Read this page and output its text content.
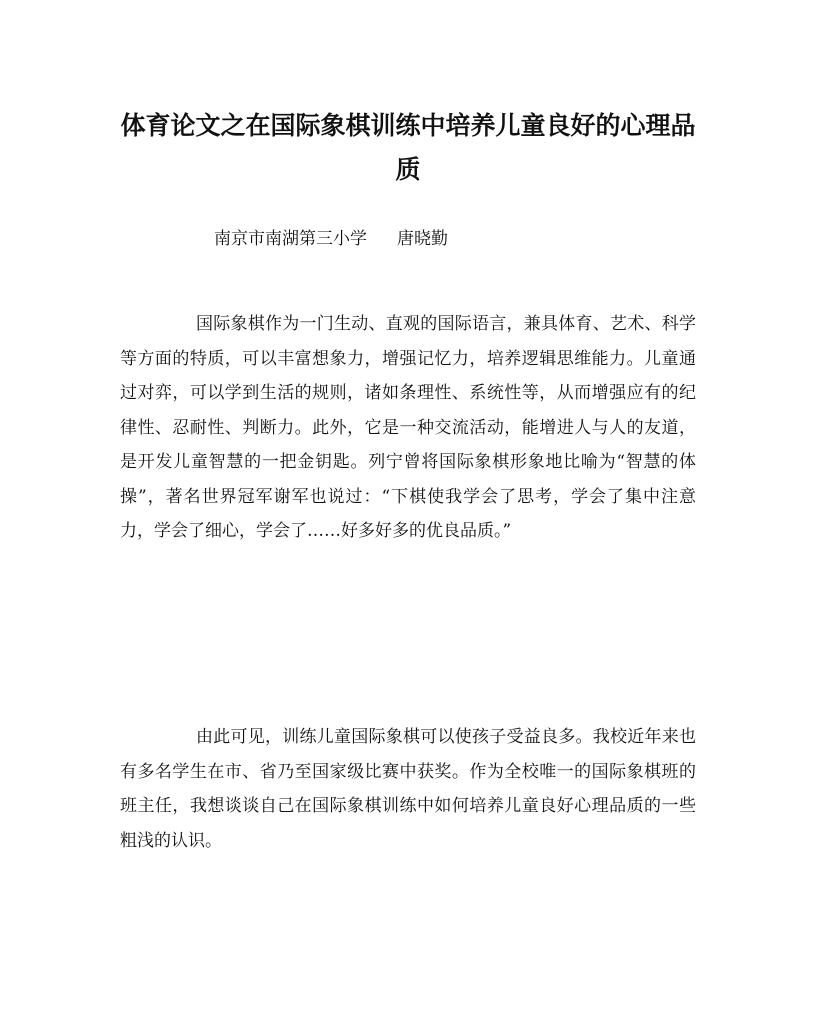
体育论文之在国际象棋训练中培养儿童良好的心理品质

南京市南湖第三小学 唐晓勤

国际象棋作为一门生动、直观的国际语言，兼具体育、艺术、科学等方面的特质，可以丰富想象力，增强记忆力，培养逻辑思维能力。儿童通过对弈，可以学到生活的规则，诸如条理性、系统性等，从而增强应有的纪律性、忍耐性、判断力。此外，它是一种交流活动，能增进人与人的友道，是开发儿童智慧的一把金钥匙。列宁曾将国际象棋形象地比喻为“智慧的体操”，著名世界冠军谢军也说过：“下棋使我学会了思考，学会了集中注意力，学会了细心，学会了……好多好多的优良品质。”

由此可见，训练儿童国际象棋可以使孩子受益良多。我校近年来也有多名学生在市、省乃至国家级比赛中获奖。作为全校唯一的国际象棋班的班主任，我想谈谈自己在国际象棋训练中如何培养儿童良好心理品质的一些粗浅的认识。
